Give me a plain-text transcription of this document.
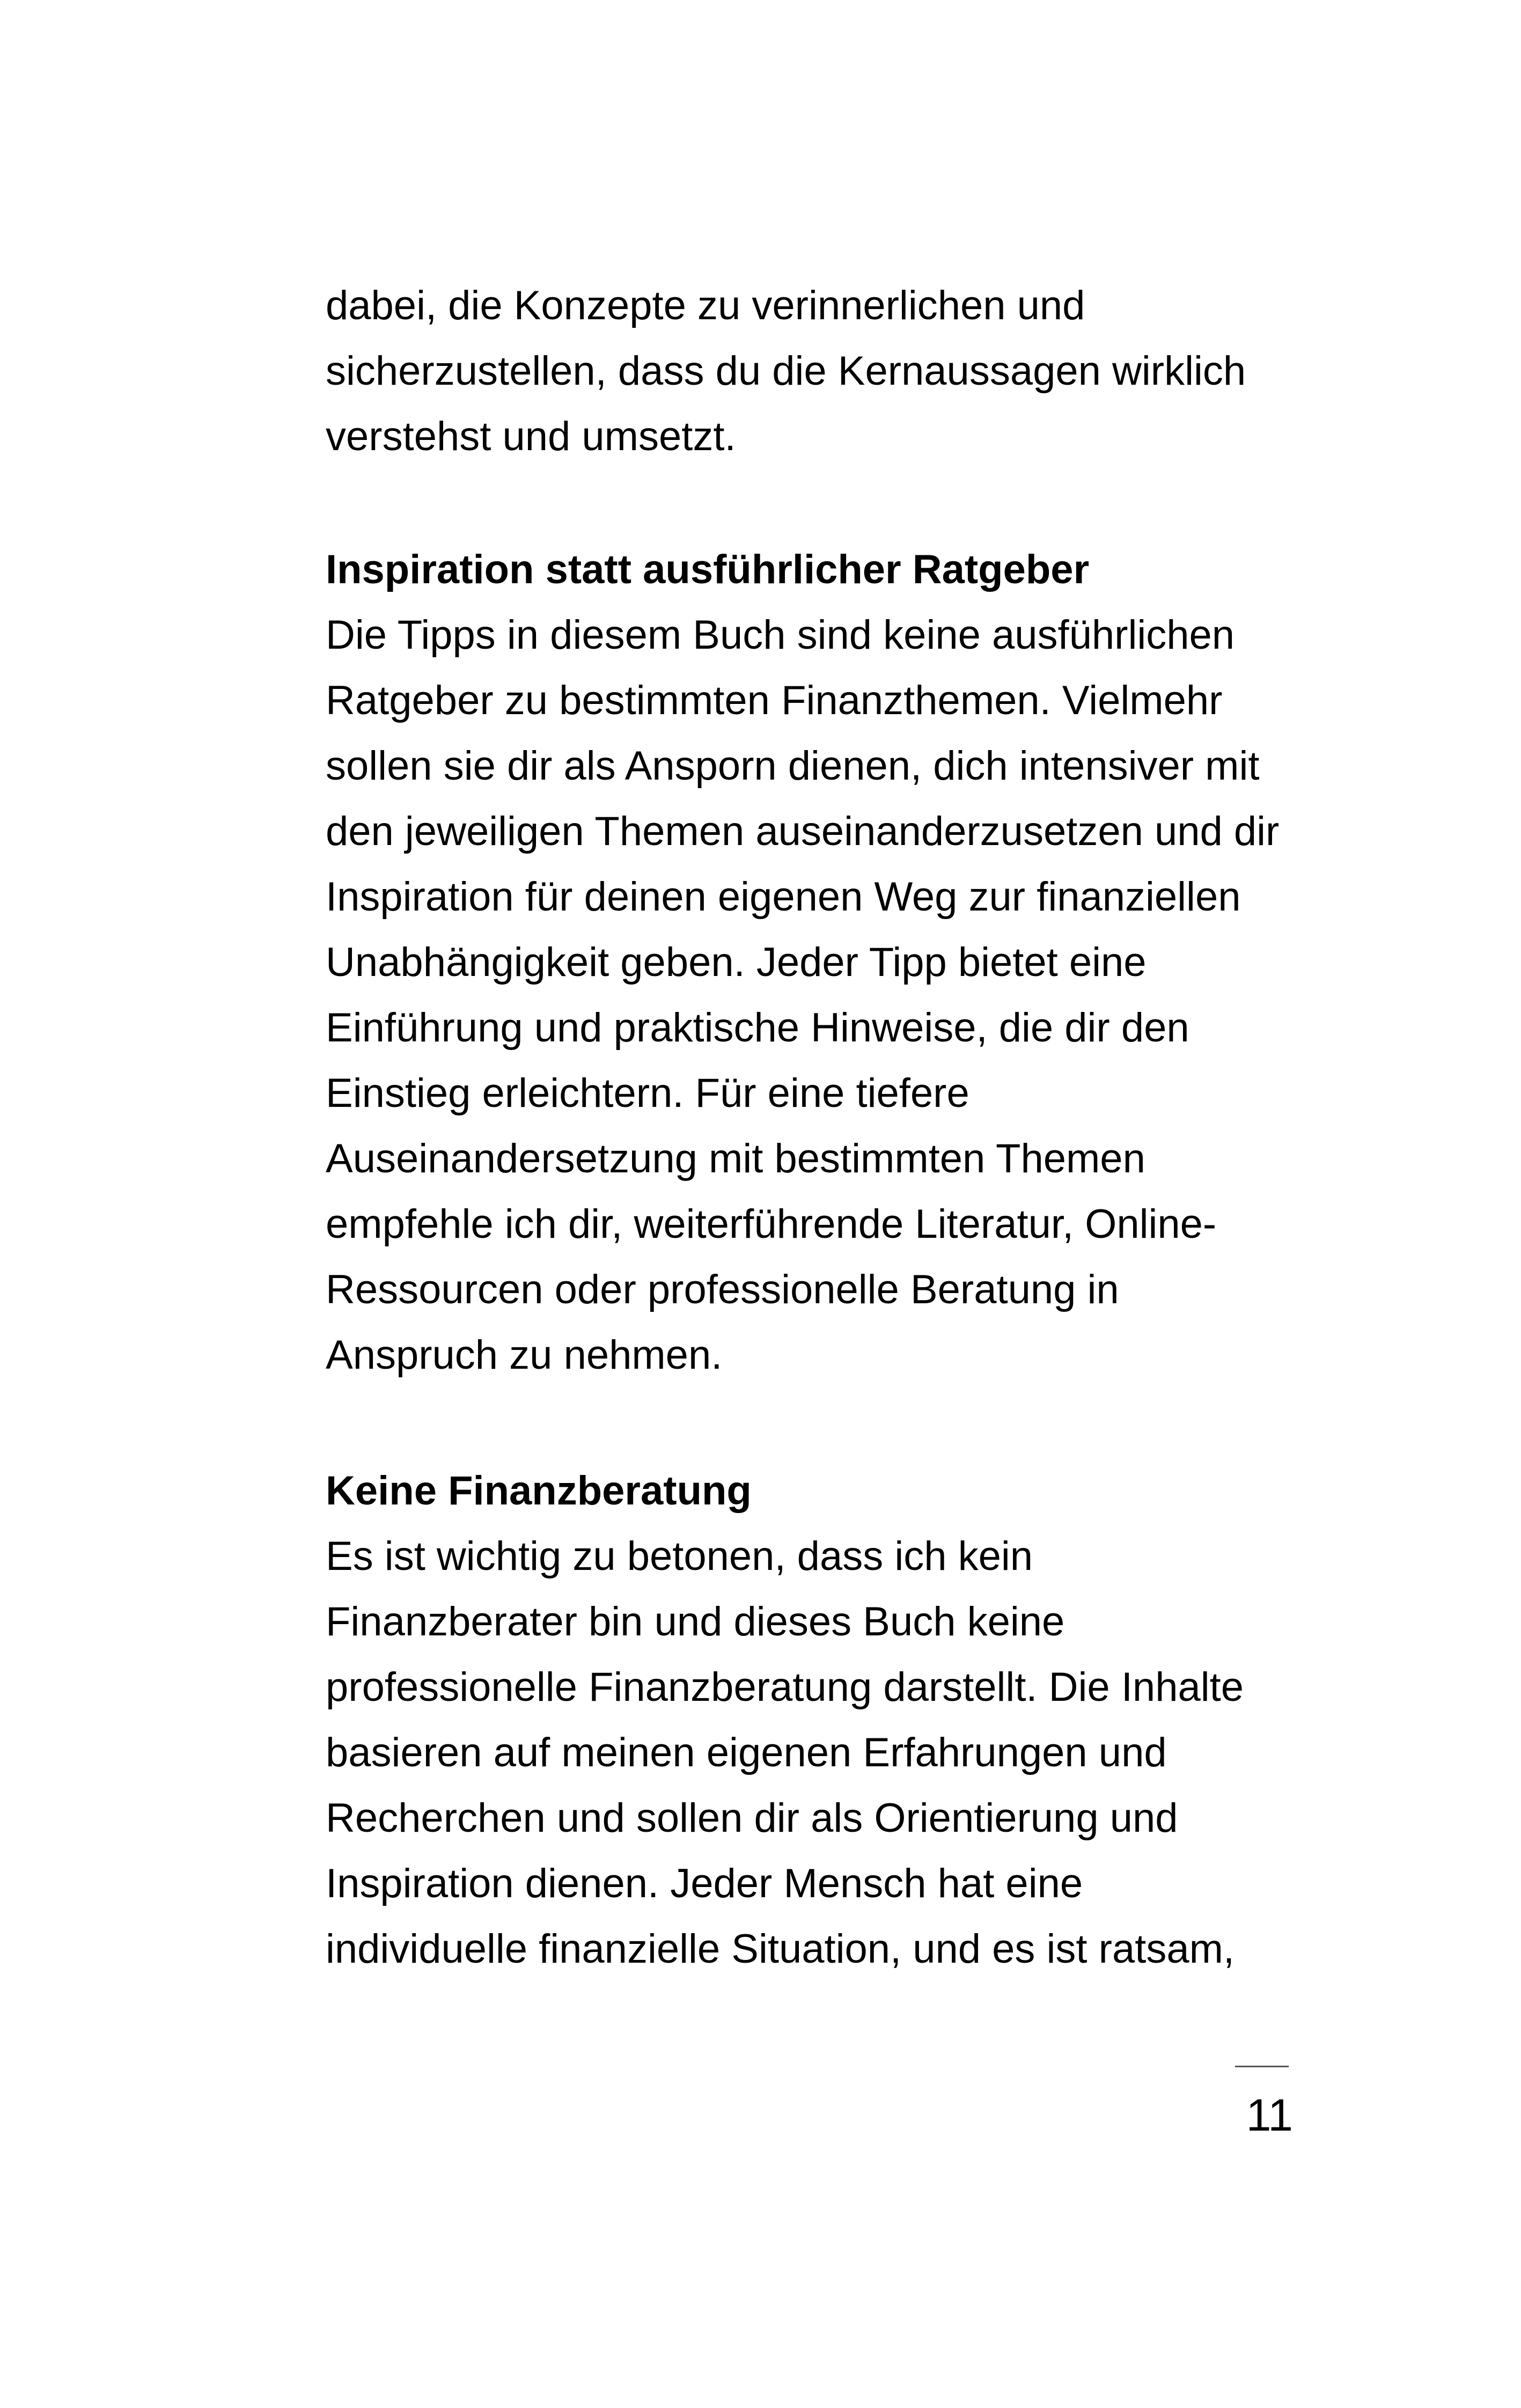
dabei, die Konzepte zu verinnerlichen und
sicherzustellen, dass du die Kernaussagen wirklich
verstehst und umsetzt.
Inspiration statt ausführlicher Ratgeber
Die Tipps in diesem Buch sind keine ausführlichen
Ratgeber zu bestimmten Finanzthemen. Vielmehr
sollen sie dir als Ansporn dienen, dich intensiver mit
den jeweiligen Themen auseinanderzusetzen und dir
Inspiration für deinen eigenen Weg zur finanziellen
Unabhängigkeit geben. Jeder Tipp bietet eine
Einführung und praktische Hinweise, die dir den
Einstieg erleichtern. Für eine tiefere
Auseinandersetzung mit bestimmten Themen
empfehle ich dir, weiterführende Literatur, Online-
Ressourcen oder professionelle Beratung in
Anspruch zu nehmen.
Keine Finanzberatung
Es ist wichtig zu betonen, dass ich kein
Finanzberater bin und dieses Buch keine
professionelle Finanzberatung darstellt. Die Inhalte
basieren auf meinen eigenen Erfahrungen und
Recherchen und sollen dir als Orientierung und
Inspiration dienen. Jeder Mensch hat eine
individuelle finanzielle Situation, und es ist ratsam,
11
